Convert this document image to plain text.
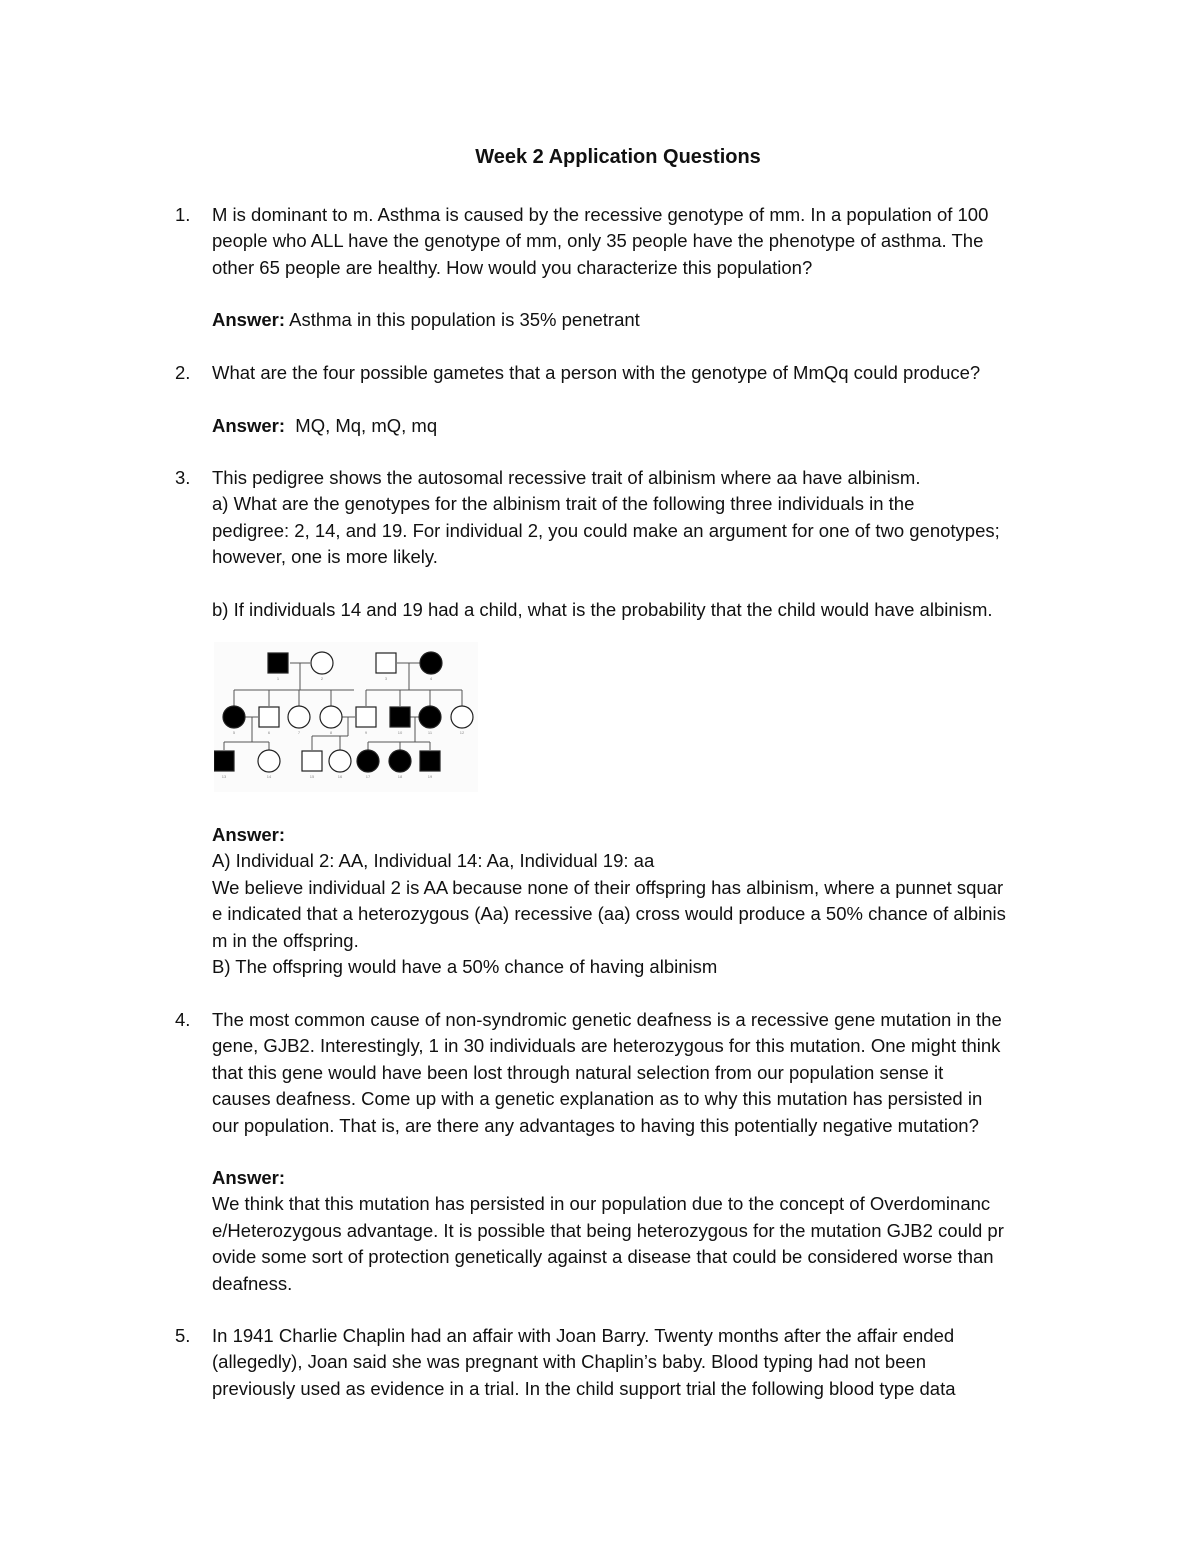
Week 2 Application Questions
1. M is dominant to m. Asthma is caused by the recessive genotype of mm. In a population of 100
people who ALL have the genotype of mm, only 35 people have the phenotype of asthma. The
other 65 people are healthy. How would you characterize this population?
Answer: Asthma in this population is 35% penetrant
2. What are the four possible gametes that a person with the genotype of MmQq could produce?
Answer:  MQ, Mq, mQ, mq
3. This pedigree shows the autosomal recessive trait of albinism where aa have albinism.
a) What are the genotypes for the albinism trait of the following three individuals in the
pedigree: 2, 14, and 19. For individual 2, you could make an argument for one of two genotypes;
however, one is more likely.
b) If individuals 14 and 19 had a child, what is the probability that the child would have albinism.
1	2	3	4
5	6	7	8	9	10	11	12
13	14	15	16	17	18	19
Answer:
A) Individual 2: AA, Individual 14: Aa, Individual 19: aa
We believe individual 2 is AA because none of their offspring has albinism, where a punnet squar
e indicated that a heterozygous (Aa) recessive (aa) cross would produce a 50% chance of albinis
m in the offspring.
B) The offspring would have a 50% chance of having albinism
4. The most common cause of non-syndromic genetic deafness is a recessive gene mutation in the
gene, GJB2. Interestingly, 1 in 30 individuals are heterozygous for this mutation. One might think
that this gene would have been lost through natural selection from our population sense it
causes deafness. Come up with a genetic explanation as to why this mutation has persisted in
our population. That is, are there any advantages to having this potentially negative mutation?
Answer:
We think that this mutation has persisted in our population due to the concept of Overdominanc
e/Heterozygous advantage. It is possible that being heterozygous for the mutation GJB2 could pr
ovide some sort of protection genetically against a disease that could be considered worse than
deafness.
5. In 1941 Charlie Chaplin had an affair with Joan Barry. Twenty months after the affair ended
(allegedly), Joan said she was pregnant with Chaplin’s baby. Blood typing had not been
previously used as evidence in a trial. In the child support trial the following blood type data
